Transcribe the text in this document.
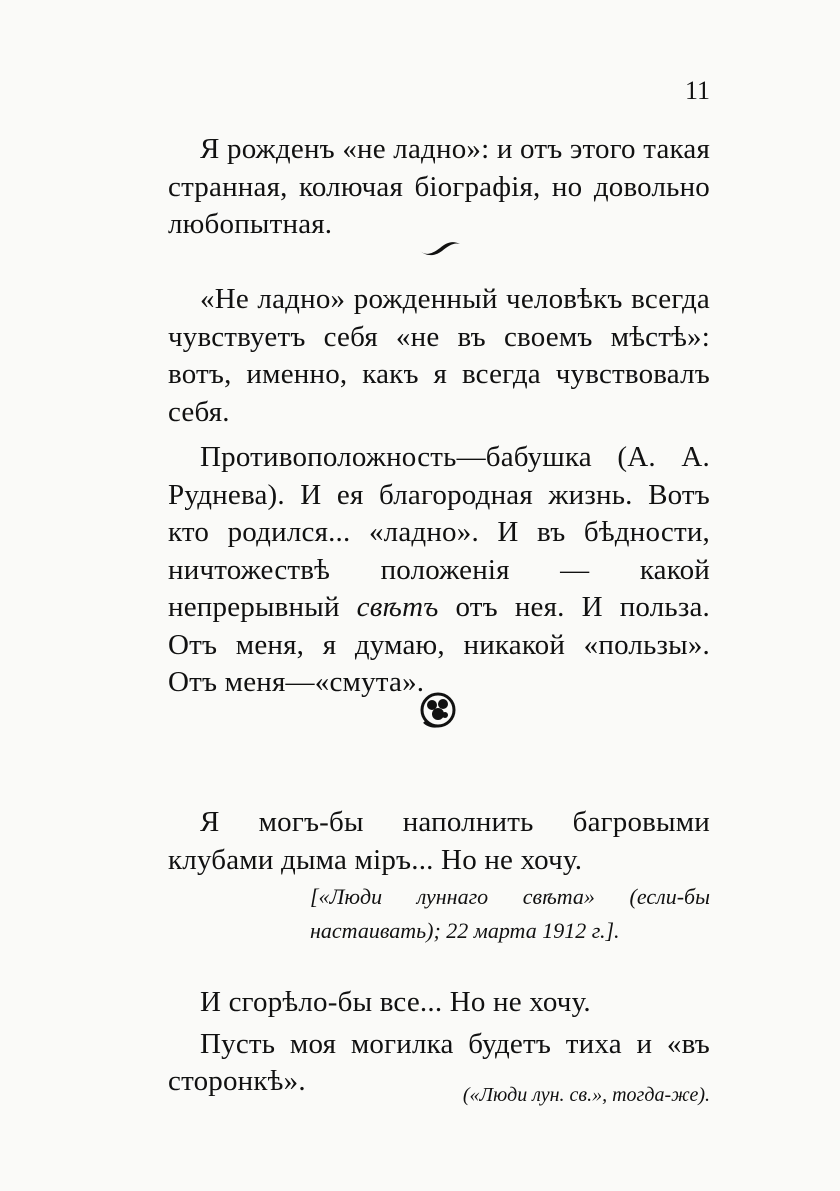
11

Я рожденъ «не ладно»: и отъ этого такая странная, колючая біографія, но довольно любопытная.

«Не ладно» рожденный человѣкъ всегда чувствуетъ себя «не въ своемъ мѣстѣ»: вотъ, именно, какъ я всегда чувствовалъ себя.

Противоположность—бабушка (А. А. Руднева). И ея благородная жизнь. Вотъ кто родился... «ладно». И въ бѣдности, ничтожествѣ положенія — какой непрерывный свѣтъ отъ нея. И польза. Отъ меня, я думаю, никакой «пользы». Отъ меня—«смута».

Я могъ-бы наполнить багровыми клубами дыма міръ... Но не хочу.

[«Люди луннаго свѣта» (если-бы настаивать); 22 марта 1912 г.].

И сгорѣло-бы все... Но не хочу.

Пусть моя могилка будетъ тиха и «въ сторонкѣ».	(«Люди лун. св.», тогда-же).
